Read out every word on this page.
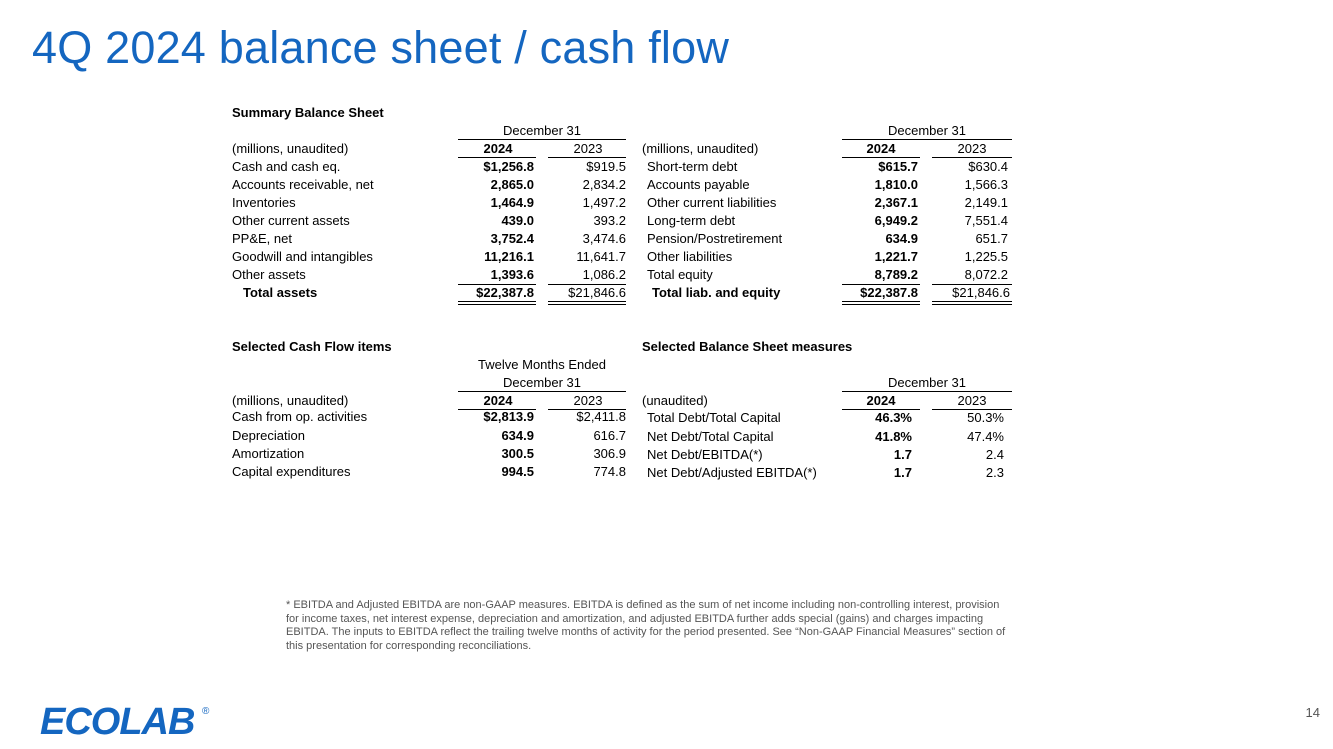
4Q 2024 balance sheet / cash flow
Summary Balance Sheet
December 31
(millions, unaudited)	2024	2023
Cash and cash eq.	$1,256.8	$919.5
Accounts receivable, net	2,865.0	2,834.2
Inventories	1,464.9	1,497.2
Other current assets	439.0	393.2
PP&E, net	3,752.4	3,474.6
Goodwill and intangibles	11,216.1	11,641.7
Other assets	1,393.6	1,086.2
Total assets	$22,387.8	$21,846.6
December 31
(millions, unaudited)	2024	2023
Short-term debt	$615.7	$630.4
Accounts payable	1,810.0	1,566.3
Other current liabilities	2,367.1	2,149.1
Long-term debt	6,949.2	7,551.4
Pension/Postretirement	634.9	651.7
Other liabilities	1,221.7	1,225.5
Total equity	8,789.2	8,072.2
Total liab. and equity	$22,387.8	$21,846.6
Selected Cash Flow items
Twelve Months Ended
December 31
(millions, unaudited)	2024	2023
Cash from op. activities	$2,813.9	$2,411.8
Depreciation	634.9	616.7
Amortization	300.5	306.9
Capital expenditures	994.5	774.8
Selected Balance Sheet measures
December 31
(unaudited)	2024	2023
Total Debt/Total Capital	46.3%	50.3%
Net Debt/Total Capital	41.8%	47.4%
Net Debt/EBITDA(*)	1.7	2.4
Net Debt/Adjusted EBITDA(*)	1.7	2.3
* EBITDA and Adjusted EBITDA are non-GAAP measures. EBITDA is defined as the sum of net income including non-controlling interest, provision for income taxes, net interest expense, depreciation and amortization, and adjusted EBITDA further adds special (gains) and charges impacting EBITDA. The inputs to EBITDA reflect the trailing twelve months of activity for the period presented. See “Non-GAAP Financial Measures” section of this presentation for corresponding reconciliations.
14
ECOLAB ®
